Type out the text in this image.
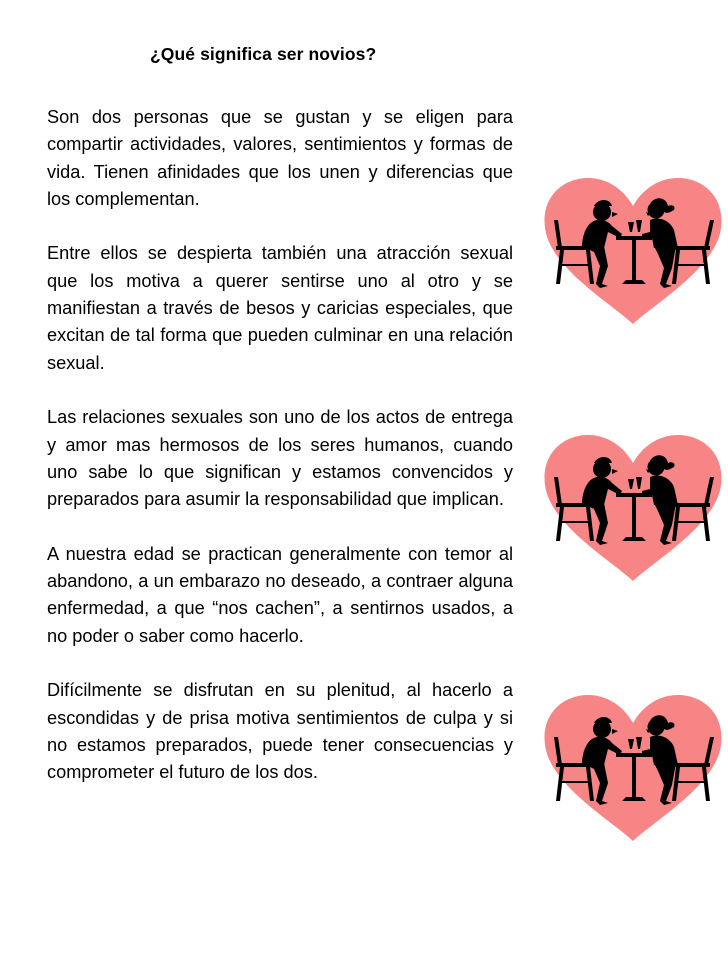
¿Qué significa ser novios?

Son dos personas que se gustan y se eligen para compartir actividades, valores, sentimientos y formas de vida. Tienen afinidades que los unen y diferencias que los complementan.

Entre ellos se despierta también una atracción sexual que los motiva a querer sentirse uno al otro y se manifiestan a través de besos y caricias especiales, que excitan de tal forma que pueden culminar en una relación sexual.

Las relaciones sexuales son uno de los actos de entrega y amor mas hermosos de los seres humanos, cuando uno sabe lo que significan y estamos convencidos y preparados para asumir la responsabilidad que implican.

A nuestra edad se practican generalmente con temor al abandono, a un embarazo no deseado, a contraer alguna enfermedad, a que “nos cachen”, a sentirnos usados, a no poder o saber como hacerlo.

Difícilmente se disfrutan en su plenitud, al hacerlo a escondidas y de prisa motiva sentimientos de culpa y si no estamos preparados, puede tener consecuencias y comprometer el futuro de los dos.
